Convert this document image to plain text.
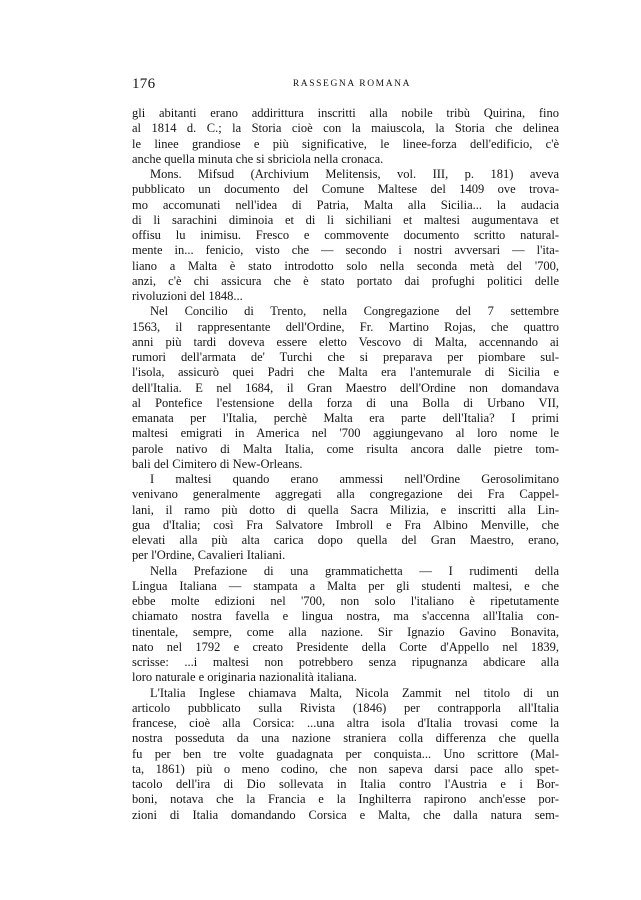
176	RASSEGNA ROMANA

gli abitanti erano addirittura inscritti alla nobile tribù Quirina, fino
al 1814 d. C.; la Storia cioè con la maiuscola, la Storia che delinea
le linee grandiose e più significative, le linee-forza dell'edificio, c'è
anche quella minuta che si sbriciola nella cronaca.

Mons. Mifsud (Archivium Melitensis, vol. III, p. 181) aveva
pubblicato un documento del Comune Maltese del 1409 ove trova-
mo accomunati nell'idea di Patria, Malta alla Sicilia... la audacia
di li sarachini diminoia et di li sichiliani et maltesi augumentava et
offisu lu inimisu. Fresco e commovente documento scritto natural-
mente in... fenicio, visto che — secondo i nostri avversari — l'ita-
liano a Malta è stato introdotto solo nella seconda metà del '700,
anzi, c'è chi assicura che è stato portato dai profughi politici delle
rivoluzioni del 1848...

Nel Concilio di Trento, nella Congregazione del 7 settembre
1563, il rappresentante dell'Ordine, Fr. Martino Rojas, che quattro
anni più tardi doveva essere eletto Vescovo di Malta, accennando ai
rumori dell'armata de' Turchi che si preparava per piombare sul-
l'isola, assicurò quei Padri che Malta era l'antemurale di Sicilia e
dell'Italia. E nel 1684, il Gran Maestro dell'Ordine non domandava
al Pontefice l'estensione della forza di una Bolla di Urbano VII,
emanata per l'Italia, perchè Malta era parte dell'Italia? I primi
maltesi emigrati in America nel '700 aggiungevano al loro nome le
parole nativo di Malta Italia, come risulta ancora dalle pietre tom-
bali del Cimitero di New-Orleans.

I maltesi quando erano ammessi nell'Ordine Gerosolimitano
venivano generalmente aggregati alla congregazione dei Fra Cappel-
lani, il ramo più dotto di quella Sacra Milizia, e inscritti alla Lin-
gua d'Italia; così Fra Salvatore Imbroll e Fra Albino Menville, che
elevati alla più alta carica dopo quella del Gran Maestro, erano,
per l'Ordine, Cavalieri Italiani.

Nella Prefazione di una grammatichetta — I rudimenti della
Lingua Italiana — stampata a Malta per gli studenti maltesi, e che
ebbe molte edizioni nel '700, non solo l'italiano è ripetutamente
chiamato nostra favella e lingua nostra, ma s'accenna all'Italia con-
tinentale, sempre, come alla nazione. Sir Ignazio Gavino Bonavita,
nato nel 1792 e creato Presidente della Corte d'Appello nel 1839,
scrisse: ...i maltesi non potrebbero senza ripugnanza abdicare alla
loro naturale e originaria nazionalità italiana.

L'Italia Inglese chiamava Malta, Nicola Zammit nel titolo di un
articolo pubblicato sulla Rivista (1846) per contrapporla all'Italia
francese, cioè alla Corsica: ...una altra isola d'Italia trovasi come la
nostra posseduta da una nazione straniera colla differenza che quella
fu per ben tre volte guadagnata per conquista... Uno scrittore (Mal-
ta, 1861) più o meno codino, che non sapeva darsi pace allo spet-
tacolo dell'ira di Dio sollevata in Italia contro l'Austria e i Bor-
boni, notava che la Francia e la Inghilterra rapirono anch'esse por-
zioni di Italia domandando Corsica e Malta, che dalla natura sem-
